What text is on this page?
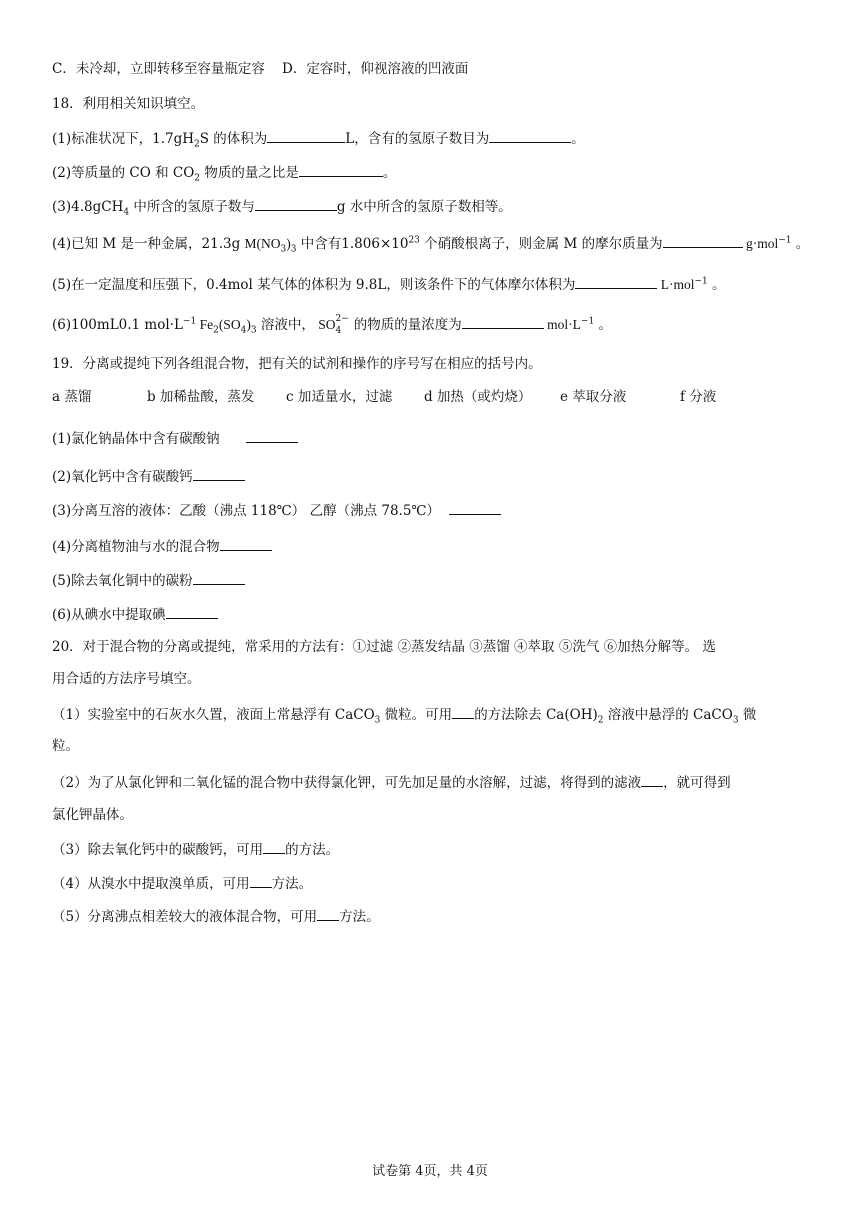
C．未冷却，立即转移至容量瓶定容 D．定容时，仰视溶液的凹液面
18．利用相关知识填空。
(1)标准状况下，$1.7gH_2S$ 的体积为	L，含有的氢原子数目为	。
(2)等质量的 CO 和 $CO_2$ 物质的量之比是	。
(3)4.8gCH$_4$ 中所含的氢原子数与	g 水中所含的氢原子数相等。
(4)已知 M 是一种金属，21.3g $M(NO_3)_3$ 中含有$1.806\times 10^{23}$ 个硝酸根离子，则金属 M 的摩尔质量为	g·mol$^{-1}$ 。
(5)在一定温度和压强下，0.4mol 某气体的体积为 9.8L，则该条件下的气体摩尔体积为	L·mol$^{-1}$ 。
(6)100mL0.1 $mol\cdot L^{-1}$ $Fe_2(SO_4)_3$ 溶液中， SO 2−
4 的物质的量浓度为	$mol\cdot L^{-1}$ 。
19．分离或提纯下列各组混合物，把有关的试剂和操作的序号写在相应的括号内。
a 蒸馏	b 加稀盐酸，蒸发 c 加适量水，过滤 d 加热（或灼烧） e 萃取分液	f 分液
(1)氯化钠晶体中含有碳酸钠
(2)氧化钙中含有碳酸钙
(3)分离互溶的液体：乙酸（沸点 118℃） 乙醇（沸点 78.5℃）
(4)分离植物油与水的混合物
(5)除去氧化铜中的碳粉
(6)从碘水中提取碘
20．对于混合物的分离或提纯，常采用的方法有：①过滤 ②蒸发结晶 ③蒸馏 ④萃取 ⑤洗气 ⑥加热分解等。 选
用合适的方法序号填空。
（1）实验室中的石灰水久置，液面上常悬浮有 CaCO$_3$ 微粒。可用 的方法除去 $Ca(OH)_2$ 溶液中悬浮的 CaCO$_3$ 微
粒。
（2）为了从氯化钾和二氧化锰的混合物中获得氯化钾，可先加足量的水溶解，过滤，将得到的滤液 ，就可得到
氯化钾晶体。
（3）除去氧化钙中的碳酸钙，可用 的方法。
（4）从溴水中提取溴单质，可用 方法。
（5）分离沸点相差较大的液体混合物，可用 方法。
试卷第 4页，共 4页
